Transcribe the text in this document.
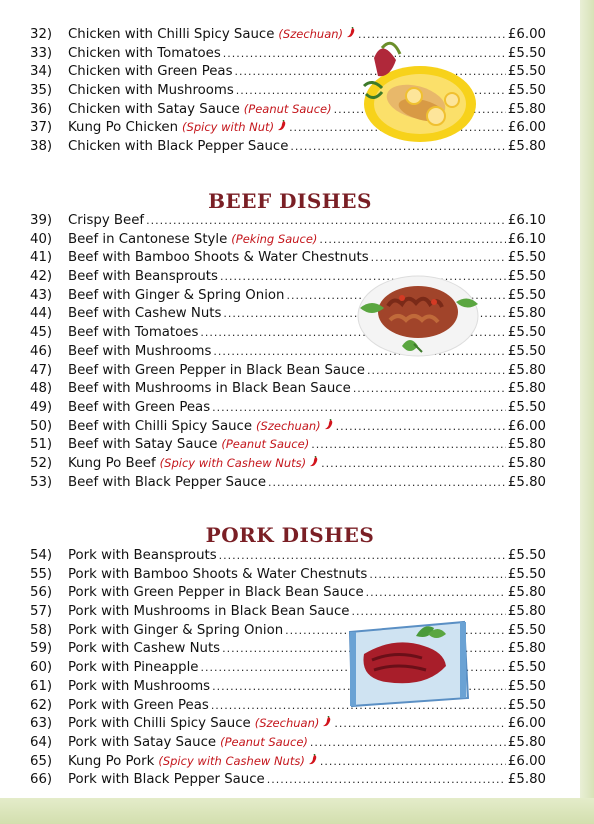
32)	Chicken with Chilli Spicy Sauce (Szechuan) .....	£6.00
33)	Chicken with Tomatoes .....	£5.50
34)	Chicken with Green Peas .....	£5.50
35)	Chicken with Mushrooms .....	£5.50
36)	Chicken with Satay Sauce (Peanut Sauce) .....	£5.80
37)	Kung Po Chicken (Spicy with Nut) .....	£6.00
38)	Chicken with Black Pepper Sauce .....	£5.80
BEEF DISHES
39)	Crispy Beef .....	£6.10
40)	Beef in Cantonese Style (Peking Sauce) .....	£6.10
41)	Beef with Bamboo Shoots & Water Chestnuts .....	£5.50
42)	Beef with Beansprouts .....	£5.50
43)	Beef with Ginger & Spring Onion .....	£5.50
44)	Beef with Cashew Nuts .....	£5.80
45)	Beef with Tomatoes .....	£5.50
46)	Beef with Mushrooms .....	£5.50
47)	Beef with Green Pepper in Black Bean Sauce .....	£5.80
48)	Beef with Mushrooms in Black Bean Sauce .....	£5.80
49)	Beef with Green Peas .....	£5.50
50)	Beef with Chilli Spicy Sauce (Szechuan) .....	£6.00
51)	Beef with Satay Sauce (Peanut Sauce) .....	£5.80
52)	Kung Po Beef (Spicy with Cashew Nuts) .....	£5.80
53)	Beef with Black Pepper Sauce .....	£5.80
PORK DISHES
54)	Pork with Beansprouts .....	£5.50
55)	Pork with Bamboo Shoots & Water Chestnuts .....	£5.50
56)	Pork with Green Pepper in Black Bean Sauce .....	£5.80
57)	Pork with Mushrooms in Black Bean Sauce .....	£5.80
58)	Pork with Ginger & Spring Onion .....	£5.50
59)	Pork with Cashew Nuts .....	£5.80
60)	Pork with Pineapple .....	£5.50
61)	Pork with Mushrooms .....	£5.50
62)	Pork with Green Peas .....	£5.50
63)	Pork with Chilli Spicy Sauce (Szechuan) .....	£6.00
64)	Pork with Satay Sauce (Peanut Sauce) .....	£5.80
65)	Kung Po Pork (Spicy with Cashew Nuts) .....	£6.00
66)	Pork with Black Pepper Sauce .....	£5.80
